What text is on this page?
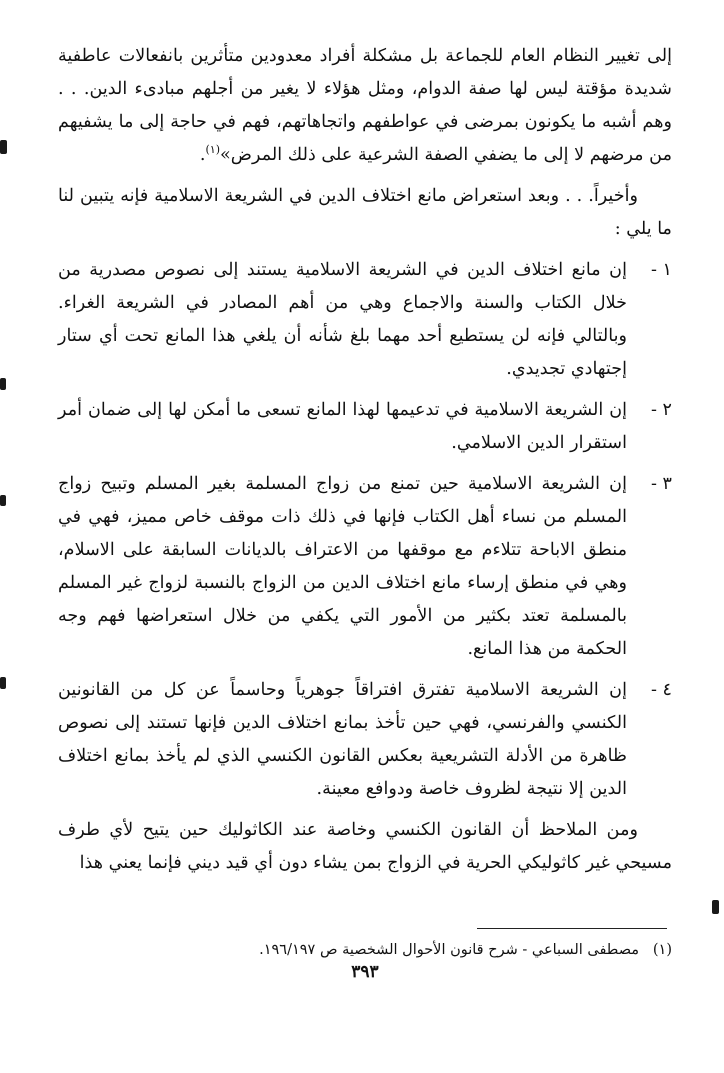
إلى تغيير النظام العام للجماعة بل مشكلة أفراد معدودين متأثرين بانفعالات عاطفية شديدة مؤقتة ليس لها صفة الدوام، ومثل هؤلاء لا يغير من أجلهم مبادىء الدين. . . وهم أشبه ما يكونون بمرضى في عواطفهم واتجاهاتهم، فهم في حاجة إلى ما يشفيهم من مرضهم لا إلى ما يضفي الصفة الشرعية على ذلك المرض»$^{(١)}$.

وأخيراً. . . وبعد استعراض مانع اختلاف الدين في الشريعة الاسلامية فإنه يتبين لنا ما يلي :

١ -
إن مانع اختلاف الدين في الشريعة الاسلامية يستند إلى نصوص مصدرية من خلال الكتاب والسنة والاجماع وهي من أهم المصادر في الشريعة الغراء. وبالتالي فإنه لن يستطيع أحد مهما بلغ شأنه أن يلغي هذا المانع تحت أي ستار إجتهادي تجديدي.
٢ -
إن الشريعة الاسلامية في تدعيمها لهذا المانع تسعى ما أمكن لها إلى ضمان أمر استقرار الدين الاسلامي.
٣ -
إن الشريعة الاسلامية حين تمنع من زواج المسلمة بغير المسلم وتبيح زواج المسلم من نساء أهل الكتاب فإنها في ذلك ذات موقف خاص مميز، فهي في منطق الاباحة تتلاءم مع موقفها من الاعتراف بالديانات السابقة على الاسلام، وهي في منطق إرساء مانع اختلاف الدين من الزواج بالنسبة لزواج غير المسلم بالمسلمة تعتد بكثير من الأمور التي يكفي من خلال استعراضها فهم وجه الحكمة من هذا المانع.
٤ -
إن الشريعة الاسلامية تفترق افتراقاً جوهرياً وحاسماً عن كل من القانونين الكنسي والفرنسي، فهي حين تأخذ بمانع اختلاف الدين فإنها تستند إلى نصوص ظاهرة من الأدلة التشريعية بعكس القانون الكنسي الذي لم يأخذ بمانع اختلاف الدين إلا نتيجة لظروف خاصة ودوافع معينة.

ومن الملاحظ أن القانون الكنسي وخاصة عند الكاثوليك حين يتيح لأي طرف مسيحي غير كاثوليكي الحرية في الزواج بمن يشاء دون أي قيد ديني فإنما يعني هذا

(١)   مصطفى السباعي - شرح قانون الأحوال الشخصية ص ١٩٦/١٩٧.
٣٩٣
